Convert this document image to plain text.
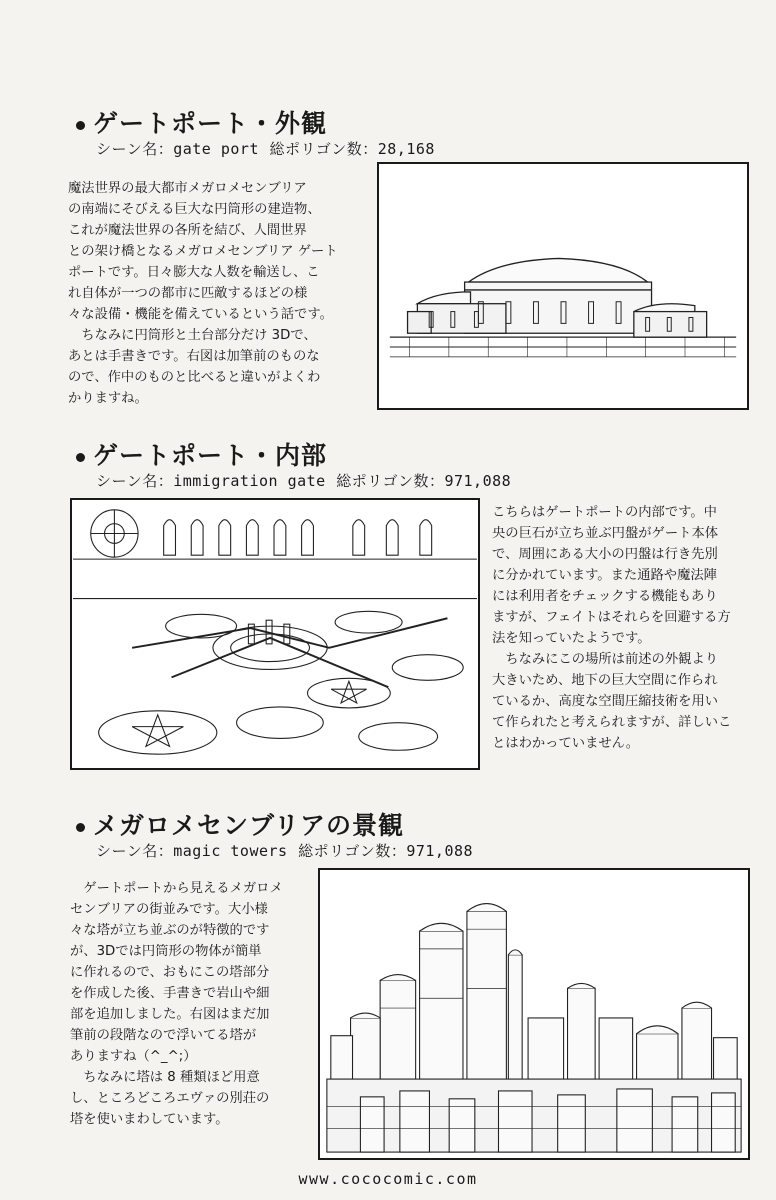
ゲートポート・外観
シーン名：gate port 総ポリゴン数：28,168

魔法世界の最大都市メガロメセンブリア

の南端にそびえる巨大な円筒形の建造物、

これが魔法世界の各所を結び、人間世界

との架け橋となるメガロメセンブリア ゲート

ポートです。日々膨大な人数を輸送し、こ

れ自体が一つの都市に匹敵するほどの様

々な設備・機能を備えているという話です。

　ちなみに円筒形と土台部分だけ 3Dで、

あとは手書きです。右図は加筆前のものな

ので、作中のものと比べると違いがよくわ

かりますね。

ゲートポート・内部
シーン名：immigration gate 総ポリゴン数：971,088

こちらはゲートポートの内部です。中

央の巨石が立ち並ぶ円盤がゲート本体

で、周囲にある大小の円盤は行き先別

に分かれています。また通路や魔法陣

には利用者をチェックする機能もあり

ますが、フェイトはそれらを回避する方

法を知っていたようです。

　ちなみにこの場所は前述の外観より

大きいため、地下の巨大空間に作られ

ているか、高度な空間圧縮技術を用い

て作られたと考えられますが、詳しいこ

とはわかっていません。

メガロメセンブリアの景観
シーン名：magic towers 総ポリゴン数：971,088

　ゲートポートから見えるメガロメ

センブリアの街並みです。大小様

々な塔が立ち並ぶのが特徴的です

が、3Dでは円筒形の物体が簡単

に作れるので、おもにこの塔部分

を作成した後、手書きで岩山や細

部を追加しました。右図はまだ加

筆前の段階なので浮いてる塔が

ありますね（^_^;）

　ちなみに塔は 8 種類ほど用意

し、ところどころエヴァの別荘の

塔を使いまわしています。

www.cococomic.com
